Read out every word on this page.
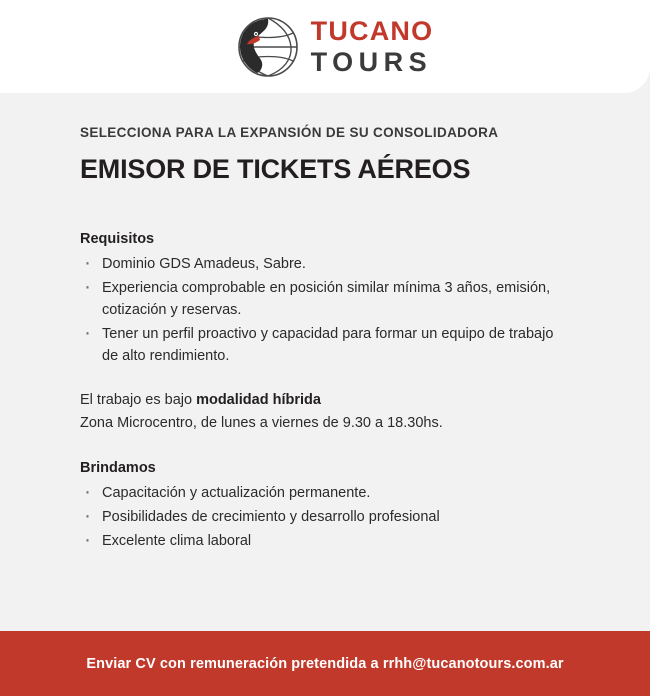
TUCANO
TOURS

SELECCIONA PARA LA EXPANSIÓN DE SU CONSOLIDADORA

EMISOR DE TICKETS AÉREOS
Requisitos
· Dominio GDS Amadeus, Sabre.
· Experiencia comprobable en posición similar mínima 3 años, emisión, cotización y reservas.
· Tener un perfil proactivo y capacidad para formar un equipo de trabajo de alto rendimiento.
El trabajo es bajo modalidad híbrida
Zona Microcentro, de lunes a viernes de 9.30 a 18.30hs.
Brindamos
· Capacitación y actualización permanente.
· Posibilidades de crecimiento y desarrollo profesional
· Excelente clima laboral
Enviar CV con remuneración pretendida a rrhh@tucanotours.com.ar
